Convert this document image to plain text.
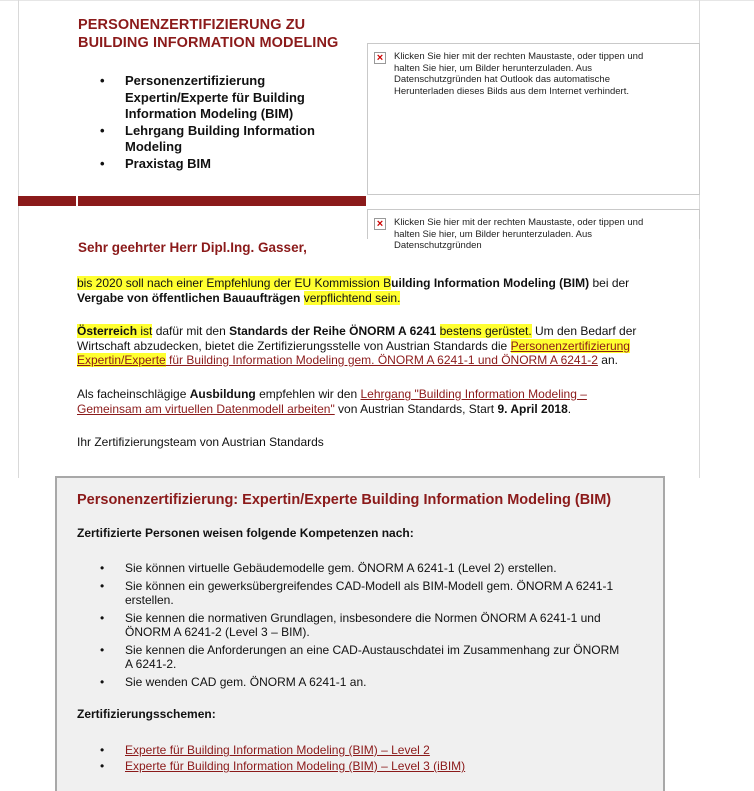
PERSONENZERTIFIZIERUNG ZU BUILDING INFORMATION MODELING
• Personenzertifizierung Expertin/Experte für Building Information Modeling (BIM)
• Lehrgang Building Information Modeling
• Praxistag BIM
× Klicken Sie hier mit der rechten Maustaste, oder tippen und halten Sie hier, um Bilder herunterzuladen. Aus Datenschutzgründen hat Outlook das automatische Herunterladen dieses Bilds aus dem Internet verhindert.
× Klicken Sie hier mit der rechten Maustaste, oder tippen und halten Sie hier, um Bilder herunterzuladen. Aus Datenschutzgründen
Sehr geehrter Herr Dipl.Ing. Gasser,
bis 2020 soll nach einer Empfehlung der EU Kommission Building Information Modeling (BIM) bei der Vergabe von öffentlichen Bauaufträgen verpflichtend sein.
Österreich ist dafür mit den Standards der Reihe ÖNORM A 6241 bestens gerüstet. Um den Bedarf der Wirtschaft abzudecken, bietet die Zertifizierungsstelle von Austrian Standards die Personenzertifizierung Expertin/Experte für Building Information Modeling gem. ÖNORM A 6241-1 und ÖNORM A 6241-2 an.
Als facheinschlägige Ausbildung empfehlen wir den Lehrgang "Building Information Modeling – Gemeinsam am virtuellen Datenmodell arbeiten" von Austrian Standards, Start 9. April 2018.
Ihr Zertifizierungsteam von Austrian Standards
Personenzertifizierung: Expertin/Experte Building Information Modeling (BIM)
Zertifizierte Personen weisen folgende Kompetenzen nach:
• Sie können virtuelle Gebäudemodelle gem. ÖNORM A 6241-1 (Level 2) erstellen.
• Sie können ein gewerksübergreifendes CAD-Modell als BIM-Modell gem. ÖNORM A 6241-1 erstellen.
• Sie kennen die normativen Grundlagen, insbesondere die Normen ÖNORM A 6241-1 und ÖNORM A 6241-2 (Level 3 – BIM).
• Sie kennen die Anforderungen an eine CAD-Austauschdatei im Zusammenhang zur ÖNORM A 6241-2.
• Sie wenden CAD gem. ÖNORM A 6241-1 an.
Zertifizierungsschemen:
• Experte für Building Information Modeling (BIM) – Level 2
• Experte für Building Information Modeling (BIM) – Level 3 (iBIM)
